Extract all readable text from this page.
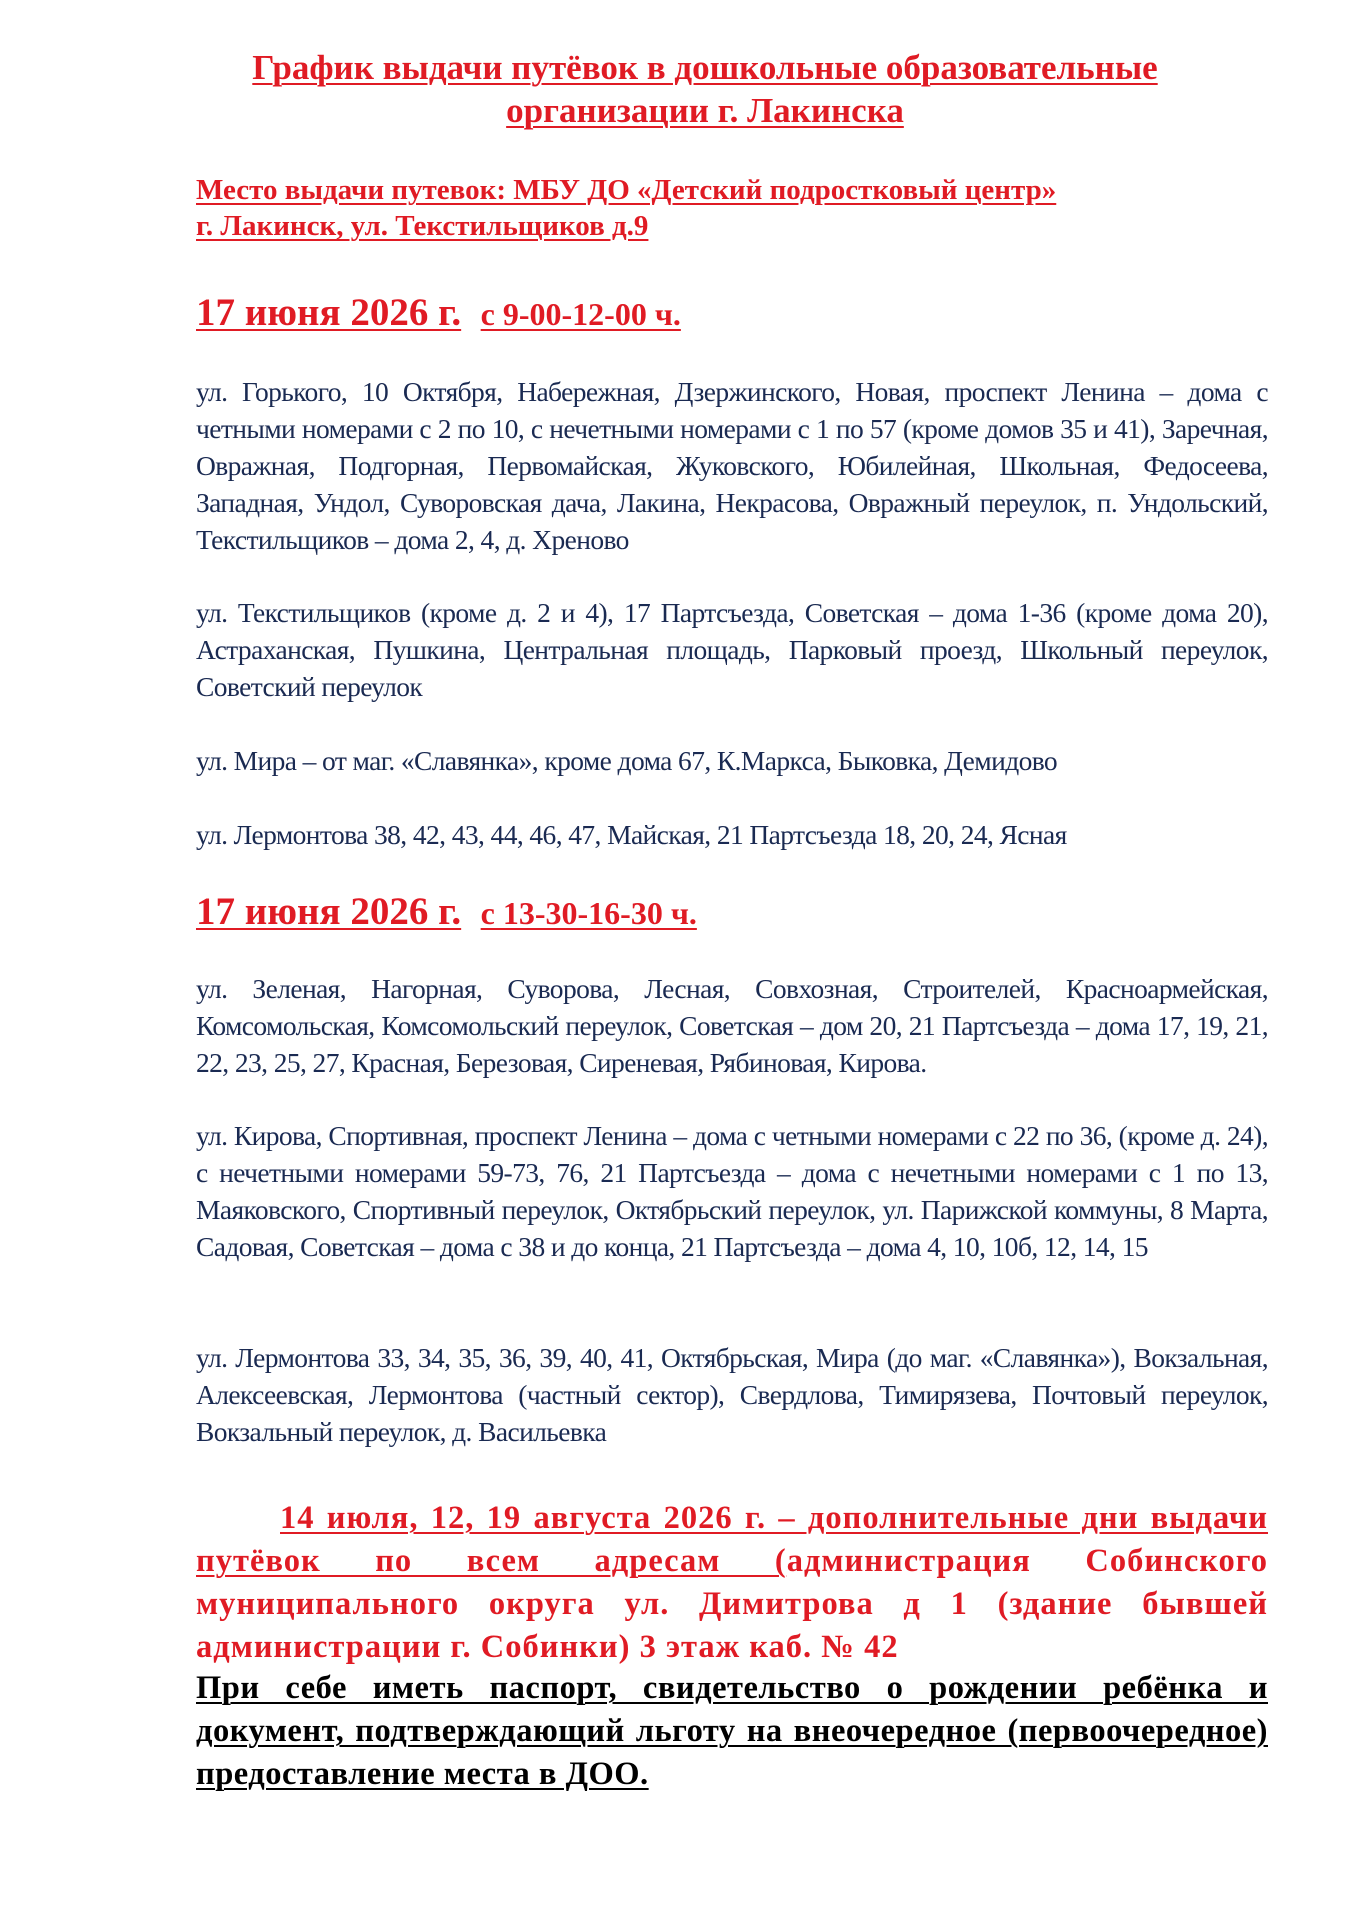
График выдачи путёвок в дошкольные образовательные
организации г. Лакинска
Место выдачи путевок: МБУ ДО «Детский подростковый центр»
г. Лакинск, ул. Текстильщиков д.9
17 июня 2026 г. с 9-00-12-00 ч.
ул. Горького, 10 Октября, Набережная, Дзержинского, Новая, проспект Ленина – дома с четными номерами с 2 по 10, с нечетными номерами с 1 по 57 (кроме домов 35 и 41), Заречная, Овражная, Подгорная, Первомайская, Жуковского, Юбилейная, Школьная, Федосеева, Западная, Ундол, Суворовская дача, Лакина, Некрасова, Овражный переулок, п. Ундольский, Текстильщиков – дома 2, 4, д. Хреново
ул. Текстильщиков (кроме д. 2 и 4), 17 Партсъезда, Советская – дома 1-36 (кроме дома 20), Астраханская, Пушкина, Центральная площадь, Парковый проезд, Школьный переулок, Советский переулок
ул. Мира – от маг. «Славянка», кроме дома 67, К.Маркса, Быковка, Демидово
ул. Лермонтова 38, 42, 43, 44, 46, 47, Майская, 21 Партсъезда 18, 20, 24, Ясная
17 июня 2026 г. с 13-30-16-30 ч.
ул. Зеленая, Нагорная, Суворова, Лесная, Совхозная, Строителей, Красноармейская, Комсомольская, Комсомольский переулок, Советская – дом 20, 21 Партсъезда – дома 17, 19, 21, 22, 23, 25, 27, Красная, Березовая, Сиреневая, Рябиновая, Кирова.
ул. Кирова, Спортивная, проспект Ленина – дома с четными номерами с 22 по 36, (кроме д. 24), с нечетными номерами 59-73, 76, 21 Партсъезда – дома с нечетными номерами с 1 по 13, Маяковского, Спортивный переулок, Октябрьский переулок, ул. Парижской коммуны, 8 Марта, Садовая, Советская – дома с 38 и до конца, 21 Партсъезда – дома 4, 10, 10б, 12, 14, 15
ул. Лермонтова 33, 34, 35, 36, 39, 40, 41, Октябрьская, Мира (до маг. «Славянка»), Вокзальная, Алексеевская, Лермонтова (частный сектор), Свердлова, Тимирязева, Почтовый переулок, Вокзальный переулок, д. Васильевка
14 июля, 12, 19 августа 2026 г. – дополнительные дни выдачи путёвок по всем адресам (администрация Собинского муниципального округа ул. Димитрова д 1 (здание бывшей администрации г. Собинки) 3 этаж каб. № 42
При себе иметь паспорт, свидетельство о рождении ребёнка и документ, подтверждающий льготу на внеочередное (первоочередное) предоставление места в ДОО.
